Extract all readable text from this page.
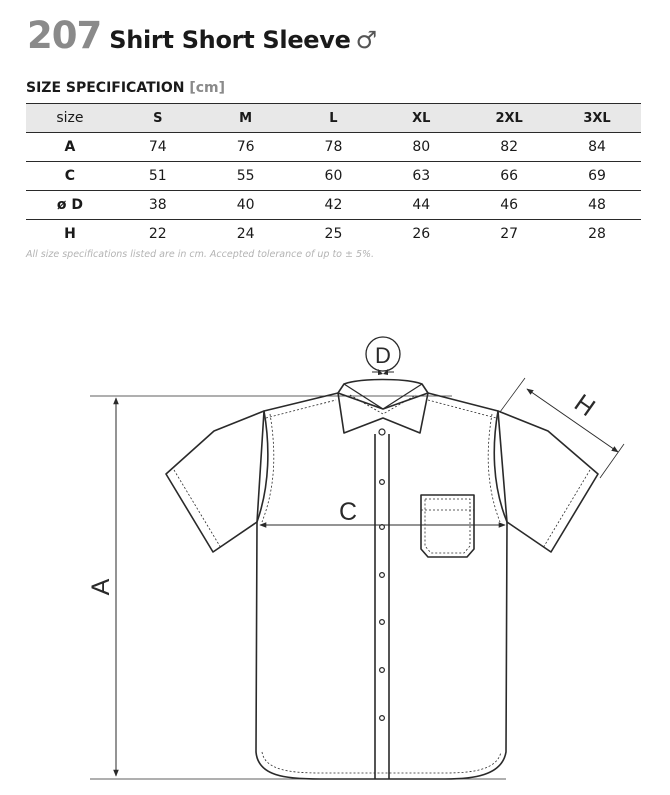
207 Shirt Short Sleeve ♂
SIZE SPECIFICATION [cm]
size	S	M	L	XL	2XL	3XL
A	74	76	78	80	82	84
C	51	55	60	63	66	69
ø D	38	40	42	44	46	48
H	22	24	25	26	27	28
All size specifications listed are in cm. Accepted tolerance of up to ± 5%.
A
C
D
H
